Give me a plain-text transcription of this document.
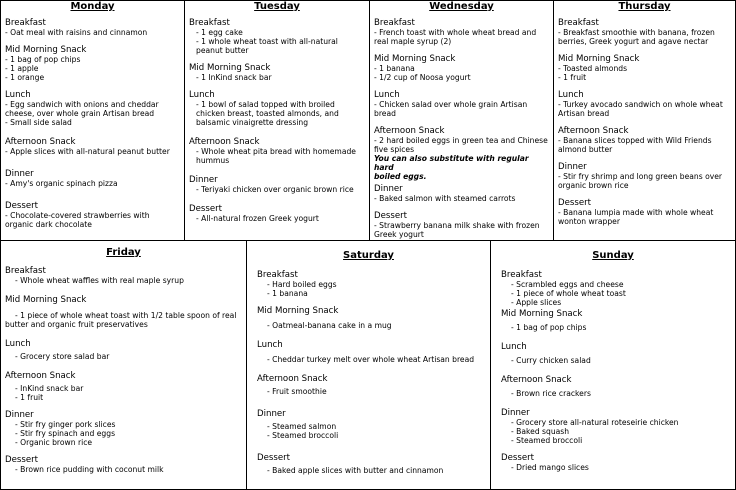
Monday

Breakfast

- Oat meal with raisins and cinnamon

Mid Morning Snack

- 1 bag of pop chips

- 1 apple

- 1 orange

Lunch

- Egg sandwich with onions and cheddar

cheese, over whole grain Artisan bread

- Small side salad

Afternoon Snack

- Apple slices with all-natural peanut butter

Dinner

- Amy's organic spinach pizza

Dessert

- Chocolate-covered strawberries with

organic dark chocolate

Tuesday

Breakfast

- 1 egg cake

- 1 whole wheat toast with all-natural

peanut butter

Mid Morning Snack

- 1 InKind snack bar

Lunch

- 1 bowl of salad topped with broiled

chicken breast, toasted almonds, and

balsamic vinaigrette dressing

Afternoon Snack

- Whole wheat pita bread with homemade

hummus

Dinner

- Teriyaki chicken over organic brown rice

Dessert

- All-natural frozen Greek yogurt

Wednesday

Breakfast

- French toast with whole wheat bread and

real maple syrup (2)

Mid Morning Snack

- 1 banana

- 1/2 cup of Noosa yogurt

Lunch

- Chicken salad over whole grain Artisan

bread

Afternoon Snack

- 2 hard boiled eggs in green tea and Chinese

five spices

You can also substitute with regular hard

boiled eggs.

Dinner

- Baked salmon with steamed carrots

Dessert

- Strawberry banana milk shake with frozen

Greek yogurt

Thursday

Breakfast

- Breakfast smoothie with banana, frozen

berries, Greek yogurt and agave nectar

Mid Morning Snack

- Toasted almonds

- 1 fruit

Lunch

- Turkey avocado sandwich on whole wheat

Artisan bread

Afternoon Snack

- Banana slices topped with Wild Friends

almond butter

Dinner

- Stir fry shrimp and long green beans over

organic brown rice

Dessert

- Banana lumpia made with whole wheat

wonton wrapper

Friday

Breakfast

- Whole wheat waffles with real maple syrup

Mid Morning Snack

- 1 piece of whole wheat toast with 1/2 table spoon of real

butter and organic fruit preservatives

Lunch

- Grocery store salad bar

Afternoon Snack

- InKind snack bar

- 1 fruit

Dinner

- Stir fry ginger pork slices

- Stir fry spinach and eggs

- Organic brown rice

Dessert

- Brown rice pudding with coconut milk

Saturday

Breakfast

- Hard boiled eggs

- 1 banana

Mid Morning Snack

- Oatmeal-banana cake in a mug

Lunch

- Cheddar turkey melt over whole wheat Artisan bread

Afternoon Snack

- Fruit smoothie

Dinner

- Steamed salmon

- Steamed broccoli

Dessert

- Baked apple slices with butter and cinnamon

Sunday

Breakfast

- Scrambled eggs and cheese

- 1 piece of whole wheat toast

- Apple slices

Mid Morning Snack

- 1 bag of pop chips

Lunch

- Curry chicken salad

Afternoon Snack

- Brown rice crackers

Dinner

- Grocery store all-natural roteseirie chicken

- Baked squash

- Steamed broccoli

Dessert

- Dried mango slices
